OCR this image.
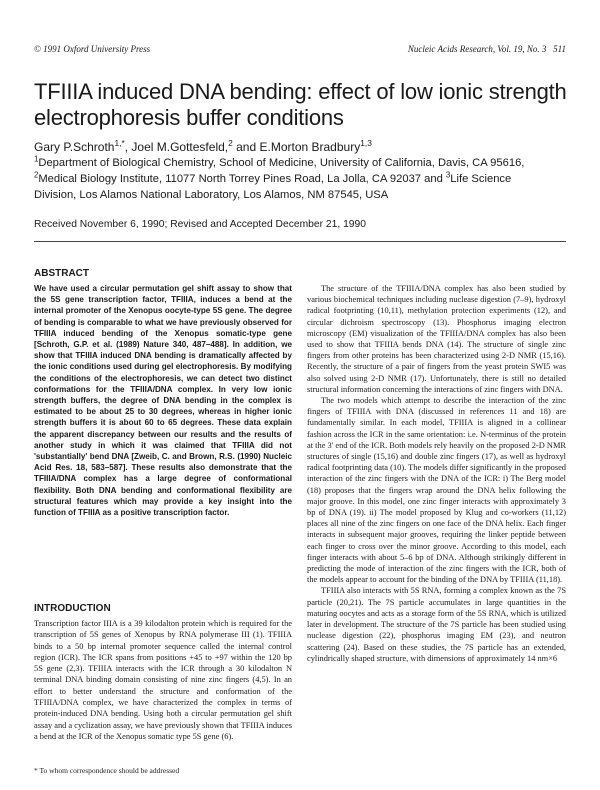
© 1991 Oxford University Press	Nucleic Acids Research, Vol. 19, No. 3 511
TFIIIA induced DNA bending: effect of low ionic strength
electrophoresis buffer conditions
Gary P.Schroth$^{1,*}$, Joel M.Gottesfeld,$^2$ and E.Morton Bradbury$^{1,3}$
$^1$Department of Biological Chemistry, School of Medicine, University of California, Davis, CA 95616,
$^2$Medical Biology Institute, 11077 North Torrey Pines Road, La Jolla, CA 92037 and $^3$Life Science
Division, Los Alamos National Laboratory, Los Alamos, NM 87545, USA
Received November 6, 1990; Revised and Accepted December 21, 1990
ABSTRACT
We have used a circular permutation gel shift assay to show that the 5S gene transcription factor, TFIIIA, induces a bend at the internal promoter of the Xenopus oocyte-type 5S gene. The degree of bending is comparable to what we have previously observed for TFIIIA induced bending of the Xenopus somatic-type gene [Schroth, G.P. et al. (1989) Nature 340, 487–488]. In addition, we show that TFIIIA induced DNA bending is dramatically affected by the ionic conditions used during gel electrophoresis. By modifying the conditions of the electrophoresis, we can detect two distinct conformations for the TFIIIA/DNA complex. In very low ionic strength buffers, the degree of DNA bending in the complex is estimated to be about 25 to 30 degrees, whereas in higher ionic strength buffers it is about 60 to 65 degrees. These data explain the apparent discrepancy between our results and the results of another study in which it was claimed that TFIIIA did not 'substantially' bend DNA [Zweib, C. and Brown, R.S. (1990) Nucleic Acid Res. 18, 583–587]. These results also demonstrate that the TFIIIA/DNA complex has a large degree of conformational flexibility. Both DNA bending and conformational flexibility are structural features which may provide a key insight into the function of TFIIIA as a positive transcription factor.
INTRODUCTION
Transcription factor IIIA is a 39 kilodalton protein which is required for the transcription of 5S genes of Xenopus by RNA polymerase III (1). TFIIIA binds to a 50 bp internal promoter sequence called the internal control region (ICR). The ICR spans from positions +45 to +97 within the 120 bp 5S gene (2,3). TFIIIA interacts with the ICR through a 30 kilodalton N terminal DNA binding domain consisting of nine zinc fingers (4,5). In an effort to better understand the structure and conformation of the TFIIIA/DNA complex, we have characterized the complex in terms of protein-induced DNA bending. Using both a circular permutation gel shift assay and a cyclization assay, we have previously shown that TFIIIA induces a bend at the ICR of the Xenopus somatic type 5S gene (6).
* To whom correspondence should be addressed

The structure of the TFIIIA/DNA complex has also been studied by various biochemical techniques including nuclease digestion (7–9), hydroxyl radical footprinting (10,11), methylation protection experiments (12), and circular dichroism spectroscopy (13). Phosphorus imaging electron microscopy (EM) visualization of the TFIIIA/DNA complex has also been used to show that TFIIIA bends DNA (14). The structure of single zinc fingers from other proteins has been characterized using 2-D NMR (15,16). Recently, the structure of a pair of fingers from the yeast protein SWI5 was also solved using 2-D NMR (17). Unfortunately, there is still no detailed structural information concerning the interactions of zinc fingers with DNA.

The two models which attempt to describe the interaction of the zinc fingers of TFIIIA with DNA (discussed in references 11 and 18) are fundamentally similar. In each model, TFIIIA is aligned in a collinear fashion across the ICR in the same orientation: i.e. N-terminus of the protein at the 3' end of the ICR. Both models rely heavily on the proposed 2-D NMR structures of single (15,16) and double zinc fingers (17), as well as hydroxyl radical footprinting data (10). The models differ significantly in the proposed interaction of the zinc fingers with the DNA of the ICR: i) The Berg model (18) proposes that the fingers wrap around the DNA helix following the major groove. In this model, one zinc finger interacts with approximately 3 bp of DNA (19). ii) The model proposed by Klug and co-workers (11,12) places all nine of the zinc fingers on one face of the DNA helix. Each finger interacts in subsequent major grooves, requiring the linker peptide between each finger to cross over the minor groove. According to this model, each finger interacts with about 5–6 bp of DNA. Although strikingly different in predicting the mode of interaction of the zinc fingers with the ICR, both of the models appear to account for the binding of the DNA by TFIIIA (11,18).

TFIIIA also interacts with 5S RNA, forming a complex known as the 7S particle (20,21). The 7S particle accumulates in large quantities in the maturing oocytes and acts as a storage form of the 5S RNA, which is utilized later in development. The structure of the 7S particle has been studied using nuclease digestion (22), phosphorus imaging EM (23), and neutron scattering (24). Based on these studies, the 7S particle has an extended, cylindrically shaped structure, with dimensions of approximately 14 nm×6
